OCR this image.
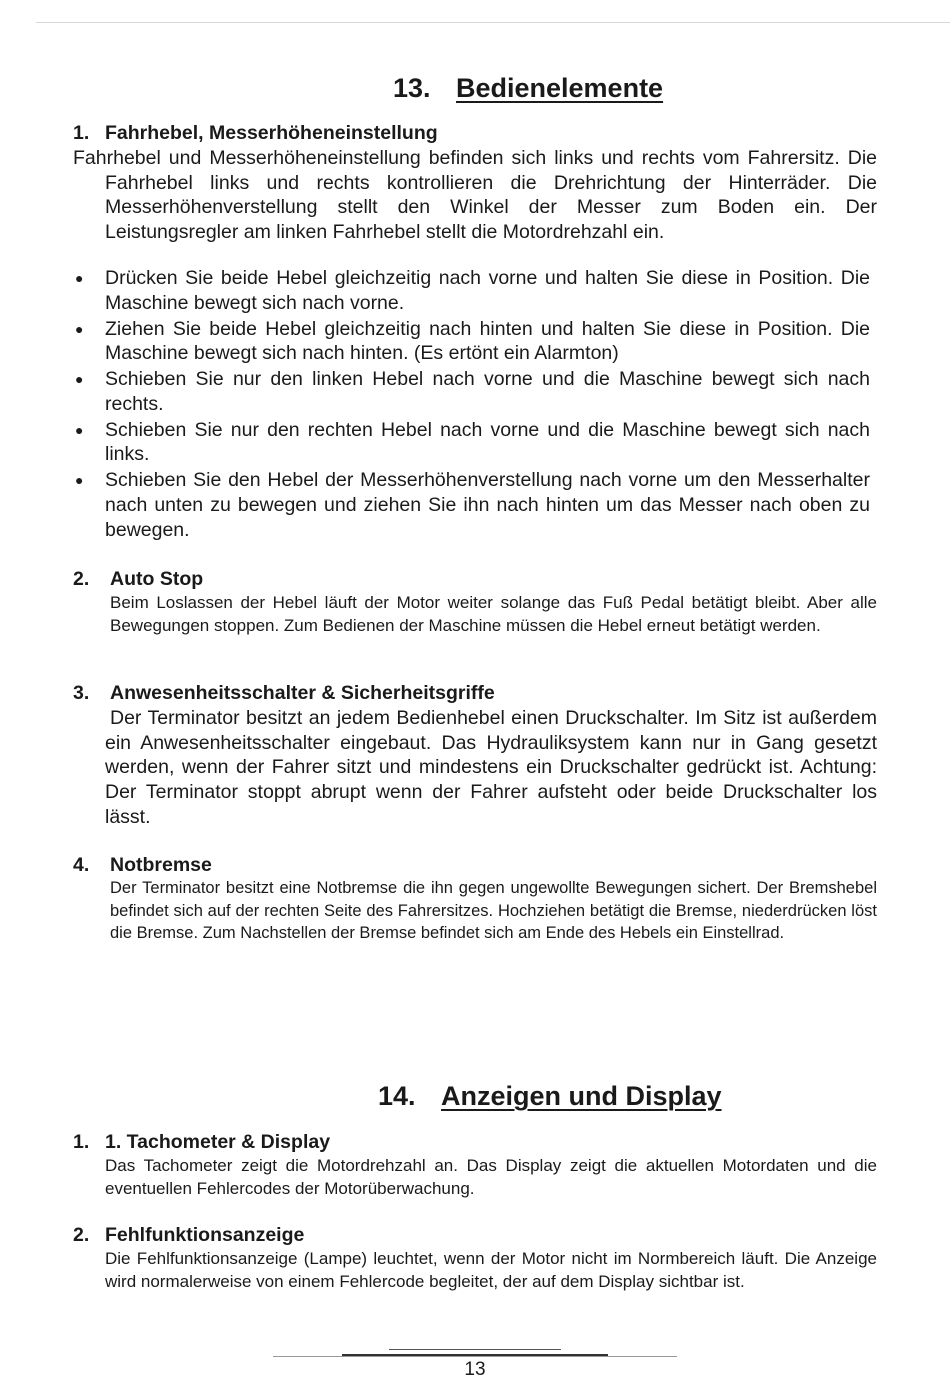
13. Bedienelemente
1. Fahrhebel, Messerhöheneinstellung
Fahrhebel und Messerhöheneinstellung befinden sich links und rechts vom Fahrersitz. Die Fahrhebel links und rechts kontrollieren die Drehrichtung der Hinterräder. Die Messerhöhenverstellung stellt den Winkel der Messer zum Boden ein. Der Leistungsregler am linken Fahrhebel stellt die Motordrehzahl ein.
● Drücken Sie beide Hebel gleichzeitig nach vorne und halten Sie diese in Position. Die Maschine bewegt sich nach vorne.
● Ziehen Sie beide Hebel gleichzeitig nach hinten und halten Sie diese in Position. Die Maschine bewegt sich nach hinten. (Es ertönt ein Alarmton)
● Schieben Sie nur den linken Hebel nach vorne und die Maschine bewegt sich nach rechts.
● Schieben Sie nur den rechten Hebel nach vorne und die Maschine bewegt sich nach links.
● Schieben Sie den Hebel der Messerhöhenverstellung nach vorne um den Messerhalter nach unten zu bewegen und ziehen Sie ihn nach hinten um das Messer nach oben zu bewegen.
2. Auto Stop
Beim Loslassen der Hebel läuft der Motor weiter solange das Fuß Pedal betätigt bleibt. Aber alle Bewegungen stoppen. Zum Bedienen der Maschine müssen die Hebel erneut betätigt werden.
3. Anwesenheitsschalter & Sicherheitsgriffe
Der Terminator besitzt an jedem Bedienhebel einen Druckschalter. Im Sitz ist außerdem ein Anwesenheitsschalter eingebaut. Das Hydrauliksystem kann nur in Gang gesetzt werden, wenn der Fahrer sitzt und mindestens ein Druckschalter gedrückt ist. Achtung: Der Terminator stoppt abrupt wenn der Fahrer aufsteht oder beide Druckschalter los lässt.
4. Notbremse
Der Terminator besitzt eine Notbremse die ihn gegen ungewollte Bewegungen sichert. Der Bremshebel befindet sich auf der rechten Seite des Fahrersitzes. Hochziehen betätigt die Bremse, niederdrücken löst die Bremse. Zum Nachstellen der Bremse befindet sich am Ende des Hebels ein Einstellrad.
14. Anzeigen und Display
1. 1. Tachometer & Display
Das Tachometer zeigt die Motordrehzahl an. Das Display zeigt die aktuellen Motordaten und die eventuellen Fehlercodes der Motorüberwachung.
2. Fehlfunktionsanzeige
Die Fehlfunktionsanzeige (Lampe) leuchtet, wenn der Motor nicht im Normbereich läuft. Die Anzeige wird normalerweise von einem Fehlercode begleitet, der auf dem Display sichtbar ist.
13
